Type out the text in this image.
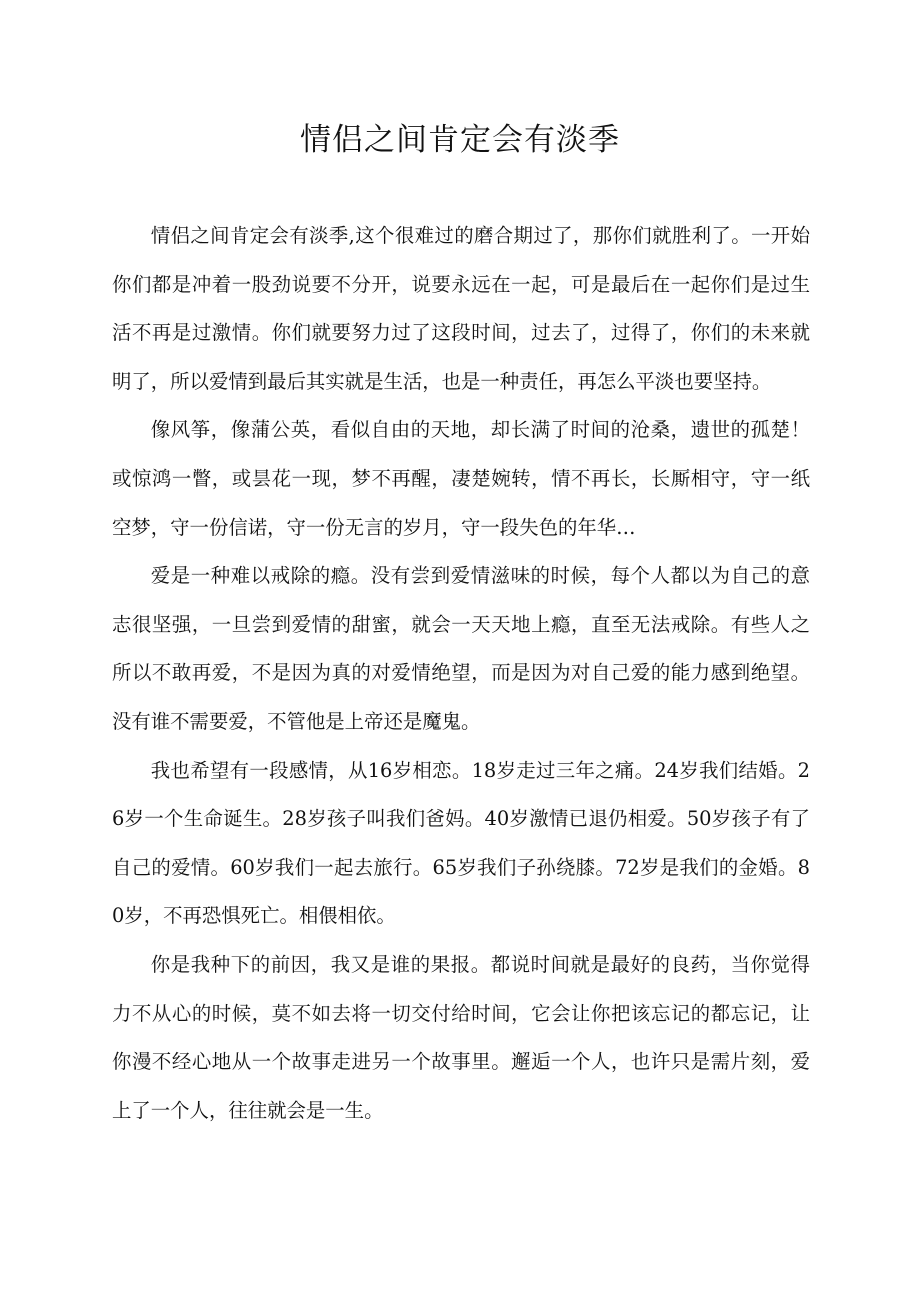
情侣之间肯定会有淡季

情侣之间肯定会有淡季,这个很难过的磨合期过了，那你们就胜利了。一开始你们都是冲着一股劲说要不分开，说要永远在一起，可是最后在一起你们是过生活不再是过激情。你们就要努力过了这段时间，过去了，过得了，你们的未来就明了，所以爱情到最后其实就是生活，也是一种责任，再怎么平淡也要坚持。

像风筝，像蒲公英，看似自由的天地，却长满了时间的沧桑，遗世的孤楚！或惊鸿一瞥，或昙花一现，梦不再醒，凄楚婉转，情不再长，长厮相守，守一纸空梦，守一份信诺，守一份无言的岁月，守一段失色的年华…

爱是一种难以戒除的瘾。没有尝到爱情滋味的时候，每个人都以为自己的意志很坚强，一旦尝到爱情的甜蜜，就会一天天地上瘾，直至无法戒除。有些人之所以不敢再爱，不是因为真的对爱情绝望，而是因为对自己爱的能力感到绝望。没有谁不需要爱，不管他是上帝还是魔鬼。

我也希望有一段感情，从16岁相恋。18岁走过三年之痛。24岁我们结婚。26岁一个生命诞生。28岁孩子叫我们爸妈。40岁激情已退仍相爱。50岁孩子有了自己的爱情。60岁我们一起去旅行。65岁我们子孙绕膝。72岁是我们的金婚。80岁，不再恐惧死亡。相偎相依。

你是我种下的前因，我又是谁的果报。都说时间就是最好的良药，当你觉得力不从心的时候，莫不如去将一切交付给时间，它会让你把该忘记的都忘记，让你漫不经心地从一个故事走进另一个故事里。邂逅一个人，也许只是需片刻，爱上了一个人，往往就会是一生。
